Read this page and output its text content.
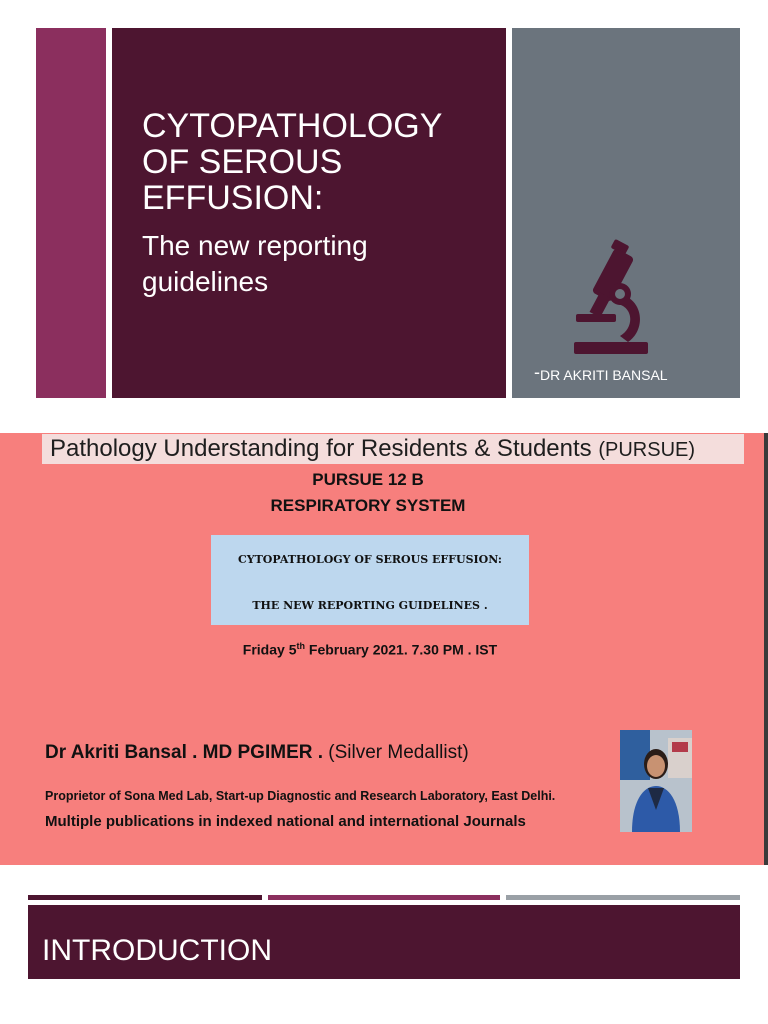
CYTOPATHOLOGY
OF SEROUS
EFFUSION:
The new reporting
guidelines
-DR AKRITI BANSAL
Pathology Understanding for Residents & Students (PURSUE)
PURSUE 12 B
RESPIRATORY SYSTEM
CYTOPATHOLOGY OF SEROUS EFFUSION:
THE NEW REPORTING GUIDELINES .
Friday 5th February 2021. 7.30 PM . IST
Dr Akriti Bansal . MD PGIMER . (Silver Medallist)
Proprietor of Sona Med Lab, Start-up Diagnostic and Research Laboratory, East Delhi.
Multiple publications in indexed national and international Journals
INTRODUCTION
